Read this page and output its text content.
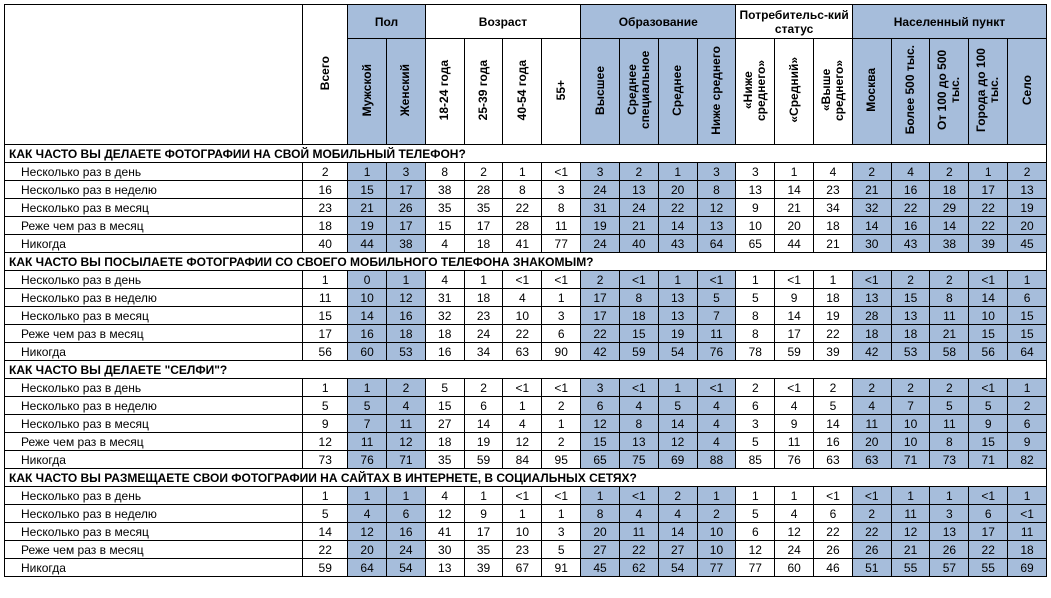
	Всего	Пол		Возраст				Образование				Потребительс-кий статус			Населенный пункт				
		Мужской	Женский	18-24 года	25-39 года	40-54 года	55+	Высшее	Среднее специальное	Среднее	Ниже среднего	«Ниже среднего»	«Средний»	«Выше среднего»	Москва	Более 500 тыс.	От 100 до 500 тыс.	Города до 100 тыс.	Село
КАК ЧАСТО ВЫ ДЕЛАЕТЕ ФОТОГРАФИИ НА СВОЙ МОБИЛЬНЫЙ ТЕЛЕФОН?																			
Несколько раз в день	2	1	3	8	2	1	<1	3	2	1	3	3	1	4	2	4	2	1	2
Несколько раз в неделю	16	15	17	38	28	8	3	24	13	20	8	13	14	23	21	16	18	17	13
Несколько раз в месяц	23	21	26	35	35	22	8	31	24	22	12	9	21	34	32	22	29	22	19
Реже чем раз в месяц	18	19	17	15	17	28	11	19	21	14	13	10	20	18	14	16	14	22	20
Никогда	40	44	38	4	18	41	77	24	40	43	64	65	44	21	30	43	38	39	45
КАК ЧАСТО ВЫ ПОСЫЛАЕТЕ ФОТОГРАФИИ СО СВОЕГО МОБИЛЬНОГО ТЕЛЕФОНА ЗНАКОМЫМ?																			
Несколько раз в день	1	0	1	4	1	<1	<1	2	<1	1	<1	1	<1	1	<1	2	2	<1	1
Несколько раз в неделю	11	10	12	31	18	4	1	17	8	13	5	5	9	18	13	15	8	14	6
Несколько раз в месяц	15	14	16	32	23	10	3	17	18	13	7	8	14	19	28	13	11	10	15
Реже чем раз в месяц	17	16	18	18	24	22	6	22	15	19	11	8	17	22	18	18	21	15	15
Никогда	56	60	53	16	34	63	90	42	59	54	76	78	59	39	42	53	58	56	64
КАК ЧАСТО ВЫ ДЕЛАЕТЕ "СЕЛФИ"?																			
Несколько раз в день	1	1	2	5	2	<1	<1	3	<1	1	<1	2	<1	2	2	2	2	<1	1
Несколько раз в неделю	5	5	4	15	6	1	2	6	4	5	4	6	4	5	4	7	5	5	2
Несколько раз в месяц	9	7	11	27	14	4	1	12	8	14	4	3	9	14	11	10	11	9	6
Реже чем раз в месяц	12	11	12	18	19	12	2	15	13	12	4	5	11	16	20	10	8	15	9
Никогда	73	76	71	35	59	84	95	65	75	69	88	85	76	63	63	71	73	71	82
КАК ЧАСТО ВЫ РАЗМЕЩАЕТЕ СВОИ ФОТОГРАФИИ НА САЙТАХ В ИНТЕРНЕТЕ, В СОЦИАЛЬНЫХ СЕТЯХ?																			
Несколько раз в день	1	1	1	4	1	<1	<1	1	<1	2	1	1	1	<1	<1	1	1	<1	1
Несколько раз в неделю	5	4	6	12	9	1	1	8	4	4	2	5	4	6	2	11	3	6	<1
Несколько раз в месяц	14	12	16	41	17	10	3	20	11	14	10	6	12	22	22	12	13	17	11
Реже чем раз в месяц	22	20	24	30	35	23	5	27	22	27	10	12	24	26	26	21	26	22	18
Никогда	59	64	54	13	39	67	91	45	62	54	77	77	60	46	51	55	57	55	69
